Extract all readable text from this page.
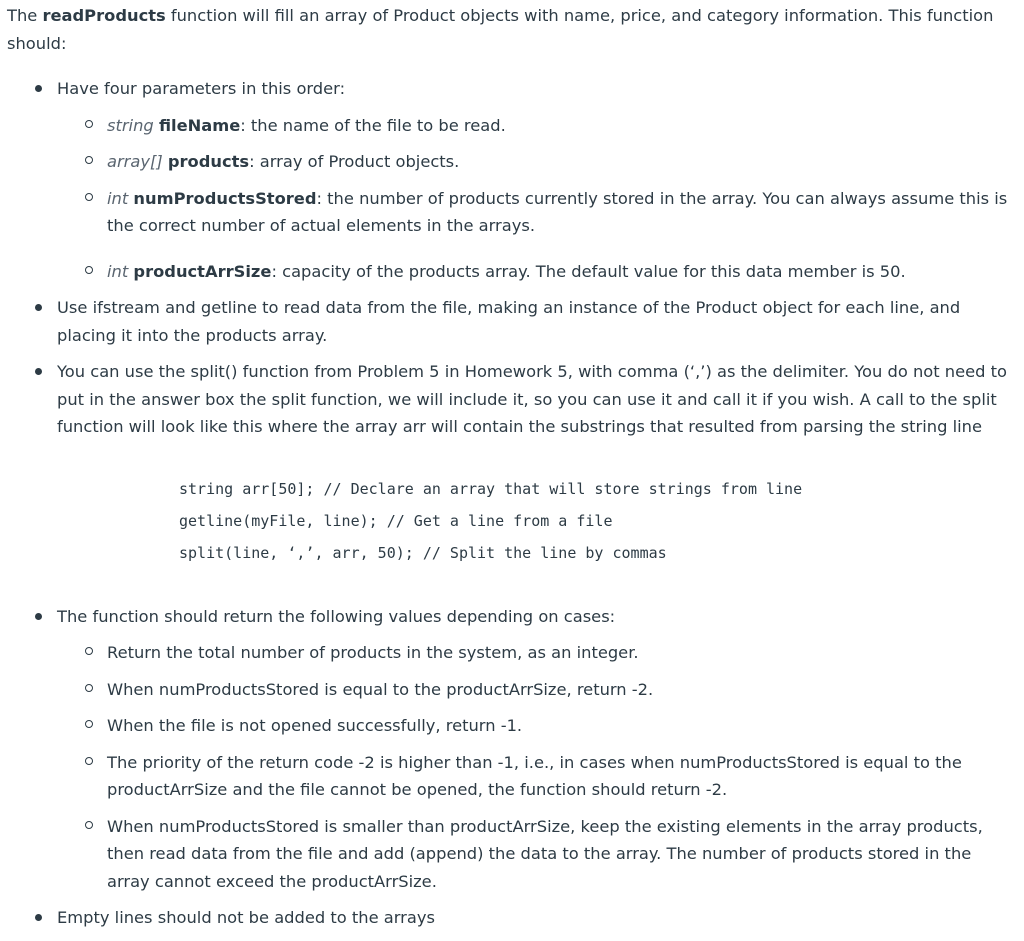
The readProducts function will fill an array of Product objects with name, price, and category information. This function should:

Have four parameters in this order:
string fileName: the name of the file to be read.
array[] products: array of Product objects.
int numProductsStored: the number of products currently stored in the array. You can always assume this is the correct number of actual elements in the arrays.
int productArrSize: capacity of the products array. The default value for this data member is 50.
Use ifstream and getline to read data from the file, making an instance of the Product object for each line, and placing it into the products array.
You can use the split() function from Problem 5 in Homework 5, with comma (‘,’) as the delimiter. You do not need to put in the answer box the split function, we will include it, so you can use it and call it if you wish. A call to the split function will look like this where the array arr will contain the substrings that resulted from parsing the string line
string arr[50]; // Declare an array that will store strings from line
getline(myFile, line); // Get a line from a file
split(line, ‘,’, arr, 50); // Split the line by commas
The function should return the following values depending on cases:
Return the total number of products in the system, as an integer.
When numProductsStored is equal to the productArrSize, return -2.
When the file is not opened successfully, return -1.
The priority of the return code -2 is higher than -1, i.e., in cases when numProductsStored is equal to the productArrSize and the file cannot be opened, the function should return -2.
When numProductsStored is smaller than productArrSize, keep the existing elements in the array products, then read data from the file and add (append) the data to the array. The number of products stored in the array cannot exceed the productArrSize.
Empty lines should not be added to the arrays
